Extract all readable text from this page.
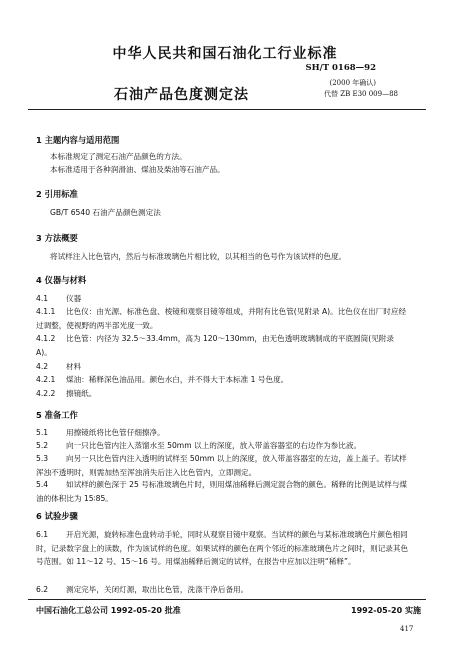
中华人民共和国石油化工行业标准
SH/T 0168—92
(2000 年确认)
石油产品色度测定法	代替 ZB E30 009—88
1 主题内容与适用范围
本标准规定了测定石油产品颜色的方法。
本标准适用于各种润滑油、煤油及柴油等石油产品。
2 引用标准
GB/T 6540 石油产品颜色测定法
3 方法概要
将试样注入比色管内，然后与标准玻璃色片相比较，以其相当的色号作为该试样的色度。
4 仪器与材料
4.1 仪器
4.1.1 比色仪：由光源、标准色盘、棱镜和观察目镜等组成，并附有比色管(见附录 A)。比色仪在出厂时应经过调整，使视野的两半部光度一致。
4.1.2 比色管：内径为 32.5～33.4mm，高为 120～130mm，由无色透明玻璃制成的平底圆筒(见附录 A)。
4.2 材料
4.2.1 煤油：稀释深色油品用。颜色水白，并不得大于本标准 1 号色度。
4.2.2 擦镜纸。
5 准备工作
5.1 用擦镜纸将比色管仔细擦净。
5.2 向一只比色管内注入蒸馏水至 50mm 以上的深度，放入带盖容器室的右边作为参比液。
5.3 向另一只比色管内注入透明的试样至 50mm 以上的深度，放入带盖容器室的左边，盖上盖子。若试样浑浊不透明时，则需加热至浑浊消失后注入比色管内，立即测定。
5.4 如试样的颜色深于 25 号标准玻璃色片时，则用煤油稀释后测定混合物的颜色。稀释的比例是试样与煤油的体积比为 15∶85。
6 试验步骤
6.1 开启光源，旋转标准色盘转动手轮，同时从观察目镜中观察。当试样的颜色与某标准玻璃色片颜色相同时，记录数字盘上的读数，作为该试样的色度。如果试样的颜色在两个邻近的标准玻璃色片之间时，则记录其色号范围。如 11～12 号、15～16 号。用煤油稀释后测定的试样，在报告中应加以注明“稀释”。
6.2 测定完毕，关闭灯源，取出比色管，洗涤干净后备用。
中国石油化工总公司 1992-05-20 批准	1992-05-20 实施
417
